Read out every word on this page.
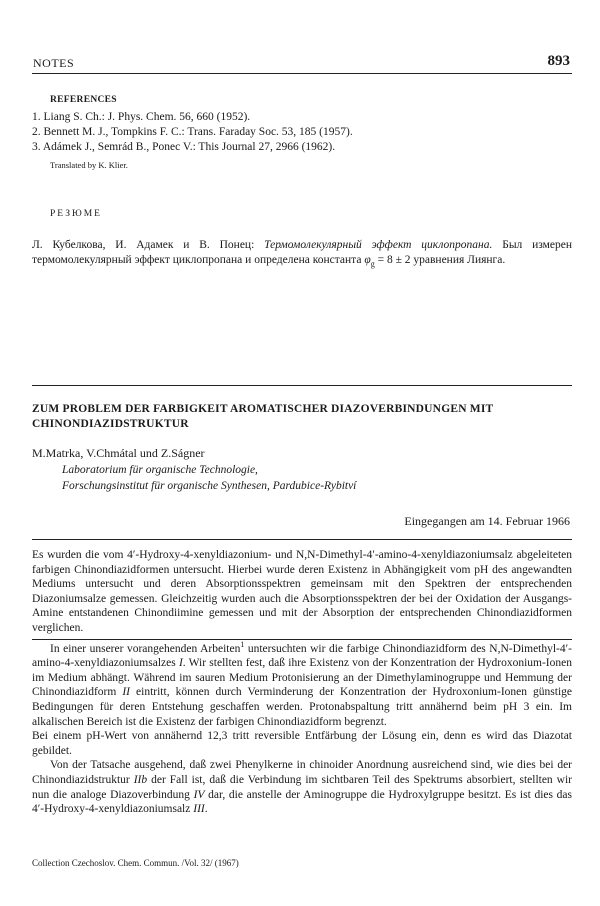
NOTES	893
REFERENCES
1. Liang S. Ch.: J. Phys. Chem. 56, 660 (1952).
2. Bennett M. J., Tompkins F. C.: Trans. Faraday Soc. 53, 185 (1957).
3. Adámek J., Semrád B., Ponec V.: This Journal 27, 2966 (1962).
Translated by K. Klier.
РЕЗЮМЕ
Л. Кубелкова, И. Адамек и В. Понец: Термомолекулярный эффект циклопропана. Был измерен термомолекулярный эффект циклопропана и определена константа $\varphi_g = 8 \pm 2$ уравнения Лиянга.
ZUM PROBLEM DER FARBIGKEIT AROMATISCHER DIAZOVERBINDUNGEN MIT CHINONDIAZIDSTRUKTUR
M.Matrka, V.Chmátal und Z.Ságner
Laboratorium für organische Technologie,
Forschungsinstitut für organische Synthesen, Pardubice-Rybitví
Eingegangen am 14. Februar 1966

Es wurden die vom 4′-Hydroxy-4-xenyldiazonium- und N,N-Dimethyl-4′-amino-4-xenyldiazoniumsalz abgeleiteten farbigen Chinondiazidformen untersucht. Hierbei wurde deren Existenz in Abhängigkeit vom pH des angewandten Mediums untersucht und deren Absorptionsspektren gemeinsam mit den Spektren der entsprechenden Diazoniumsalze gemessen. Gleichzeitig wurden auch die Absorptionsspektren der bei der Oxidation der Ausgangs-Amine entstandenen Chinondiimine gemessen und mit der Absorption der entsprechenden Chinondiazidformen verglichen.

In einer unserer vorangehenden Arbeiten$^1$ untersuchten wir die farbige Chinondiazidform des N,N-Dimethyl-4′-amino-4-xenyldiazoniumsalzes I. Wir stellten fest, daß ihre Existenz von der Konzentration der Hydroxonium-Ionen im Medium abhängt. Während im sauren Medium Protonisierung an der Dimethylaminogruppe und Hemmung der Chinondiazidform II eintritt, können durch Verminderung der Konzentration der Hydroxonium-Ionen günstige Bedingungen für deren Entstehung geschaffen werden. Protonabspaltung tritt annähernd beim pH 3 ein. Im alkalischen Bereich ist die Existenz der farbigen Chinondiazidform begrenzt.

Bei einem pH-Wert von annähernd 12,3 tritt reversible Entfärbung der Lösung ein, denn es wird das Diazotat gebildet.

Von der Tatsache ausgehend, daß zwei Phenylkerne in chinoider Anordnung ausreichend sind, wie dies bei der Chinondiazidstruktur IIb der Fall ist, daß die Verbindung im sichtbaren Teil des Spektrums absorbiert, stellten wir nun die analoge Diazoverbindung IV dar, die anstelle der Aminogruppe die Hydroxylgruppe besitzt. Es ist dies das 4′-Hydroxy-4-xenyldiazoniumsalz III.

Collection Czechoslov. Chem. Commun. /Vol. 32/ (1967)
